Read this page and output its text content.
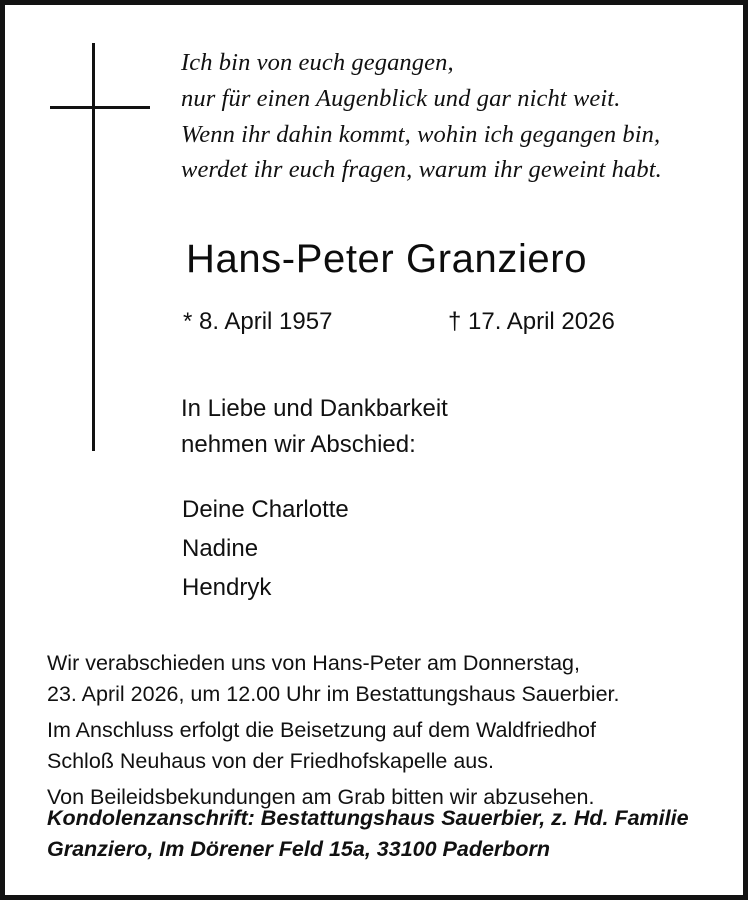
Ich bin von euch gegangen,
nur für einen Augenblick und gar nicht weit.
Wenn ihr dahin kommt, wohin ich gegangen bin,
werdet ihr euch fragen, warum ihr geweint habt.
Hans-Peter Granziero
* 8. April 1957	† 17. April 2026
In Liebe und Dankbarkeit
nehmen wir Abschied:
Deine Charlotte
Nadine
Hendryk
Wir verabschieden uns von Hans-Peter am Donnerstag,
23. April 2026, um 12.00 Uhr im Bestattungshaus Sauerbier.
Im Anschluss erfolgt die Beisetzung auf dem Waldfriedhof
Schloß Neuhaus von der Friedhofskapelle aus.
Von Beileidsbekundungen am Grab bitten wir abzusehen.
Kondolenzanschrift: Bestattungshaus Sauerbier, z. Hd. Familie
Granziero, Im Dörener Feld 15a, 33100 Paderborn
